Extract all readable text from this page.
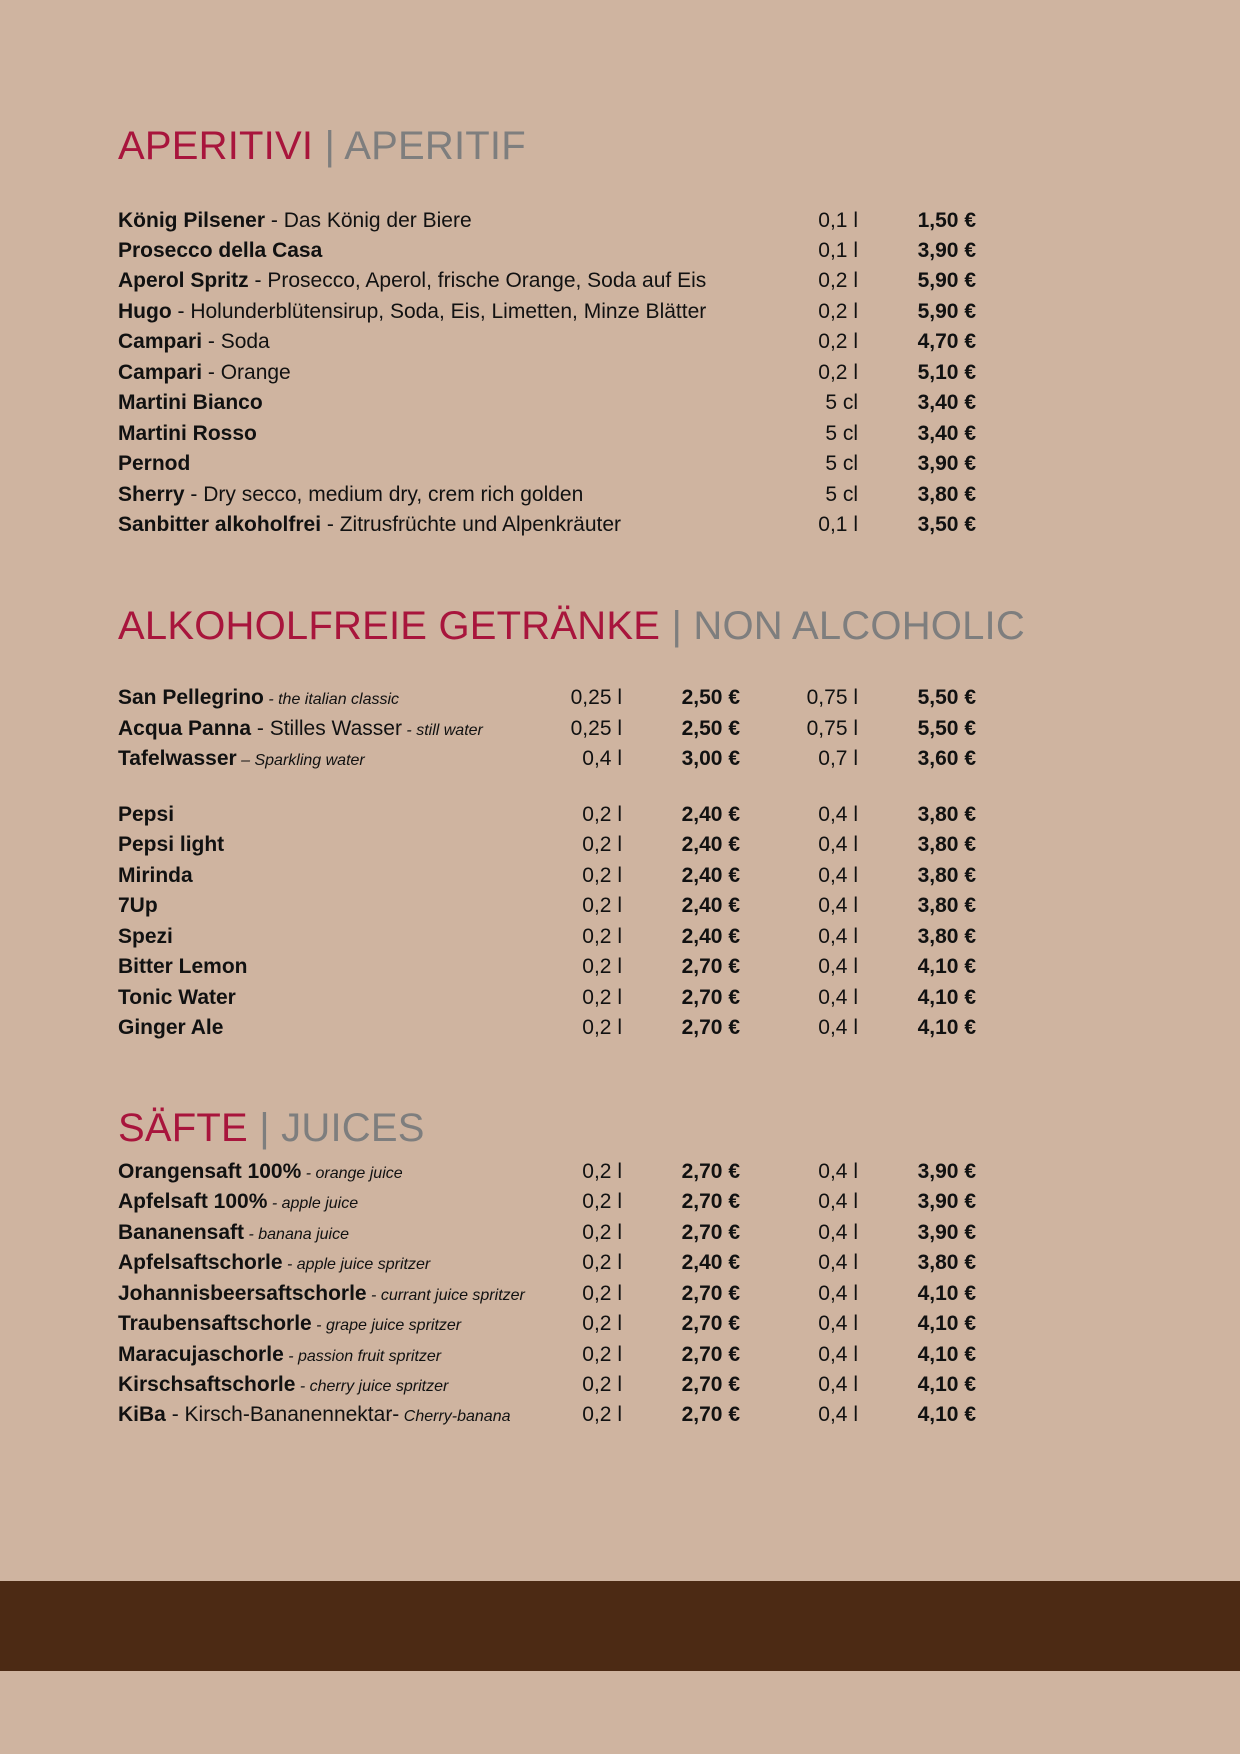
APERITIVI | APERITIF
König Pilsener - Das König der Biere	0,1 l	1,50 €
Prosecco della Casa	0,1 l	3,90 €
Aperol Spritz - Prosecco, Aperol, frische Orange, Soda auf Eis	0,2 l	5,90 €
Hugo - Holunderblütensirup, Soda, Eis, Limetten, Minze Blätter	0,2 l	5,90 €
Campari - Soda	0,2 l	4,70 €
Campari - Orange	0,2 l	5,10 €
Martini Bianco	5 cl	3,40 €
Martini Rosso	5 cl	3,40 €
Pernod	5 cl	3,90 €
Sherry - Dry secco, medium dry, crem rich golden	5 cl	3,80 €
Sanbitter alkoholfrei - Zitrusfrüchte und Alpenkräuter	0,1 l	3,50 €
ALKOHOLFREIE GETRÄNKE | NON ALCOHOLIC
San Pellegrino - the italian classic	0,25 l	2,50 €	0,75 l	5,50 €
Acqua Panna - Stilles Wasser - still water	0,25 l	2,50 €	0,75 l	5,50 €
Tafelwasser – Sparkling water	0,4 l	3,00 €	0,7 l	3,60 €
Pepsi	0,2 l	2,40 €	0,4 l	3,80 €
Pepsi light	0,2 l	2,40 €	0,4 l	3,80 €
Mirinda	0,2 l	2,40 €	0,4 l	3,80 €
7Up	0,2 l	2,40 €	0,4 l	3,80 €
Spezi	0,2 l	2,40 €	0,4 l	3,80 €
Bitter Lemon	0,2 l	2,70 €	0,4 l	4,10 €
Tonic Water	0,2 l	2,70 €	0,4 l	4,10 €
Ginger Ale	0,2 l	2,70 €	0,4 l	4,10 €
SÄFTE | JUICES
Orangensaft 100% - orange juice	0,2 l	2,70 €	0,4 l	3,90 €
Apfelsaft 100% - apple juice	0,2 l	2,70 €	0,4 l	3,90 €
Bananensaft - banana juice	0,2 l	2,70 €	0,4 l	3,90 €
Apfelsaftschorle - apple juice spritzer	0,2 l	2,40 €	0,4 l	3,80 €
Johannisbeersaftschorle - currant juice spritzer	0,2 l	2,70 €	0,4 l	4,10 €
Traubensaftschorle - grape juice spritzer	0,2 l	2,70 €	0,4 l	4,10 €
Maracujaschorle - passion fruit spritzer	0,2 l	2,70 €	0,4 l	4,10 €
Kirschsaftschorle - cherry juice spritzer	0,2 l	2,70 €	0,4 l	4,10 €
KiBa - Kirsch-Bananennektar- Cherry-banana	0,2 l	2,70 €	0,4 l	4,10 €
